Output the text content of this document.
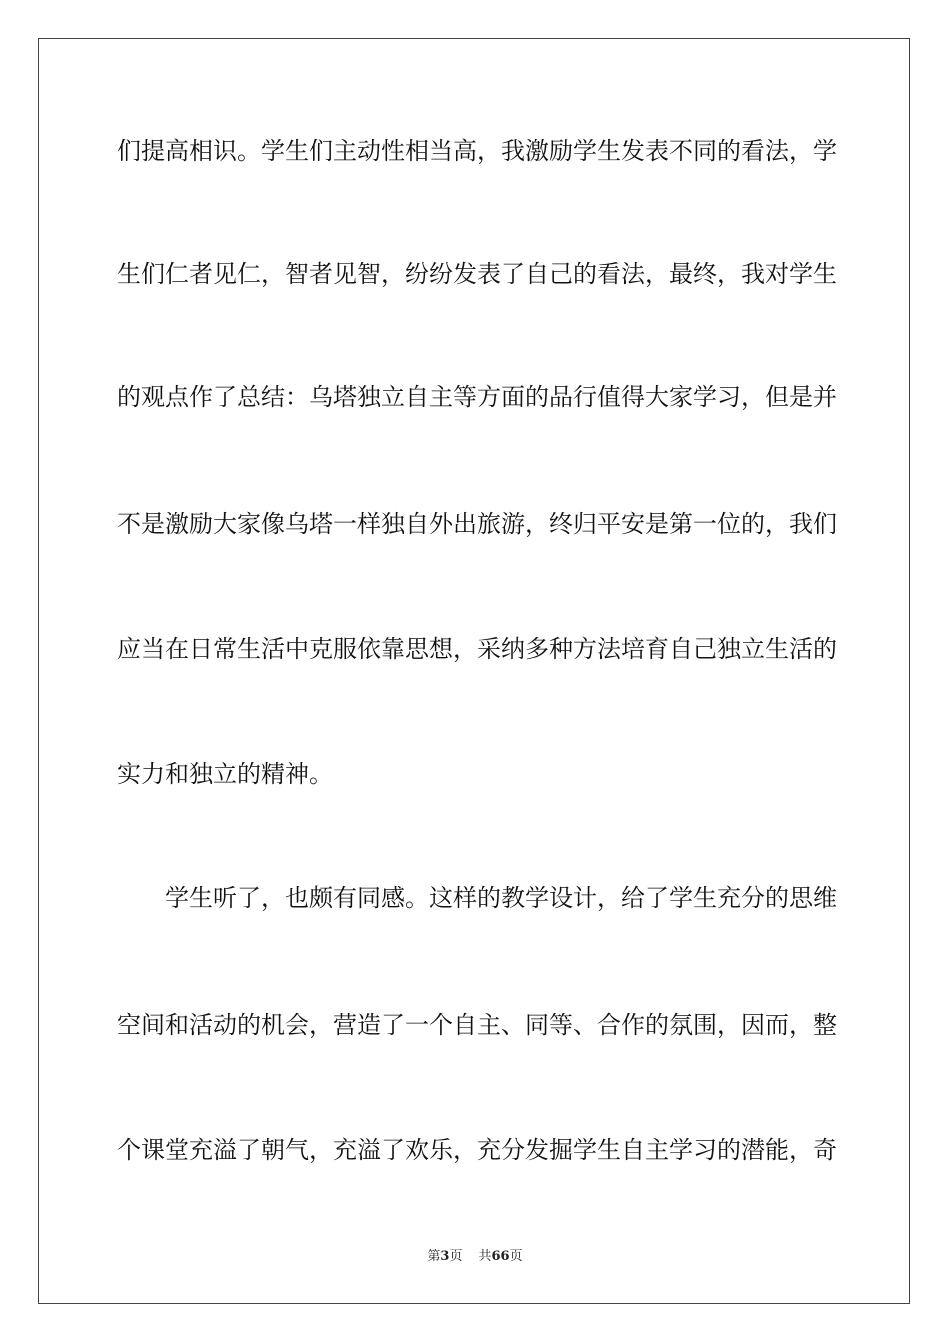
们提高相识。学生们主动性相当高，我激励学生发表不同的看法，学
生们仁者见仁，智者见智，纷纷发表了自己的看法，最终，我对学生
的观点作了总结：乌塔独立自主等方面的品行值得大家学习，但是并
不是激励大家像乌塔一样独自外出旅游，终归平安是第一位的，我们
应当在日常生活中克服依靠思想，采纳多种方法培育自己独立生活的
实力和独立的精神。
学生听了，也颇有同感。这样的教学设计，给了学生充分的思维
空间和活动的机会，营造了一个自主、同等、合作的氛围，因而，整
个课堂充溢了朝气，充溢了欢乐，充分发掘学生自主学习的潜能，奇
第3页 共66页
